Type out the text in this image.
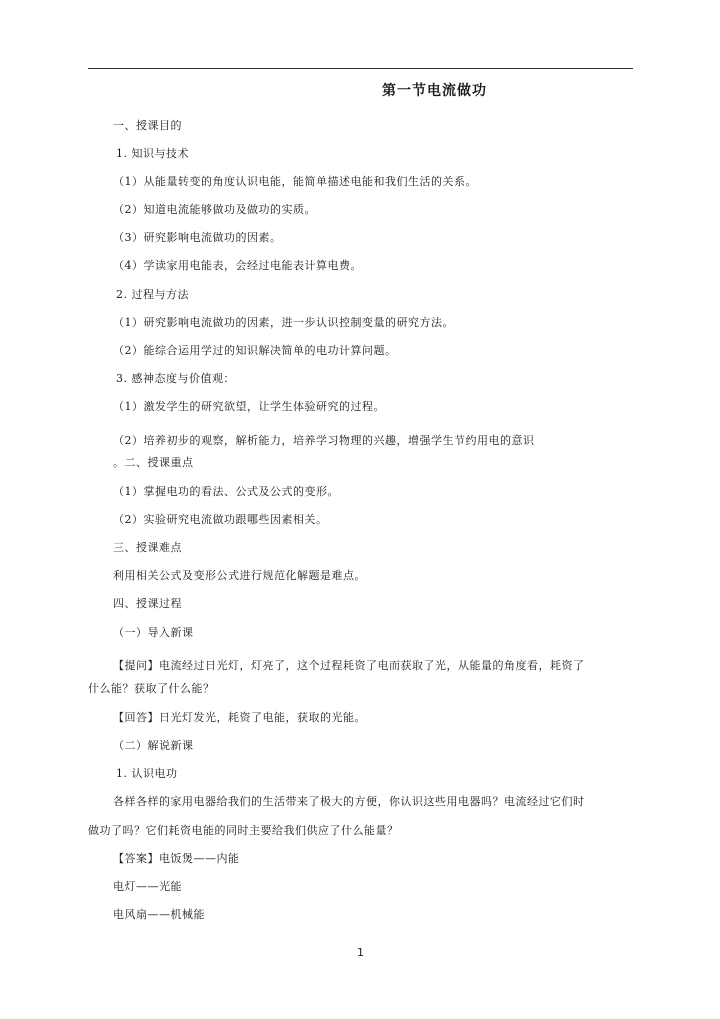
第一节电流做功
一、授课目的
1. 知识与技术
（1）从能量转变的角度认识电能，能简单描述电能和我们生活的关系。
（2）知道电流能够做功及做功的实质。
（3）研究影响电流做功的因素。
（4）学读家用电能表，会经过电能表计算电费。
2. 过程与方法
（1）研究影响电流做功的因素，进一步认识控制变量的研究方法。
（2）能综合运用学过的知识解决简单的电功计算问题。
3. 感神态度与价值观：
（1）激发学生的研究欲望，让学生体验研究的过程。
（2）培养初步的观察，解析能力，培养学习物理的兴趣，增强学生节约用电的意识
。二、授课重点
（1）掌握电功的看法、公式及公式的变形。
（2）实验研究电流做功跟哪些因素相关。
三、授课难点
利用相关公式及变形公式进行规范化解题是难点。
四、授课过程
（一）导入新课
【提问】电流经过日光灯，灯亮了，这个过程耗资了电而获取了光，从能量的角度看，耗资了
什么能？获取了什么能？
【回答】日光灯发光，耗资了电能，获取的光能。
（二）解说新课
1. 认识电功
各样各样的家用电器给我们的生活带来了极大的方便，你认识这些用电器吗？电流经过它们时
做功了吗？它们耗资电能的同时主要给我们供应了什么能量？
【答案】电饭煲——内能
电灯——光能
电风扇——机械能
1
